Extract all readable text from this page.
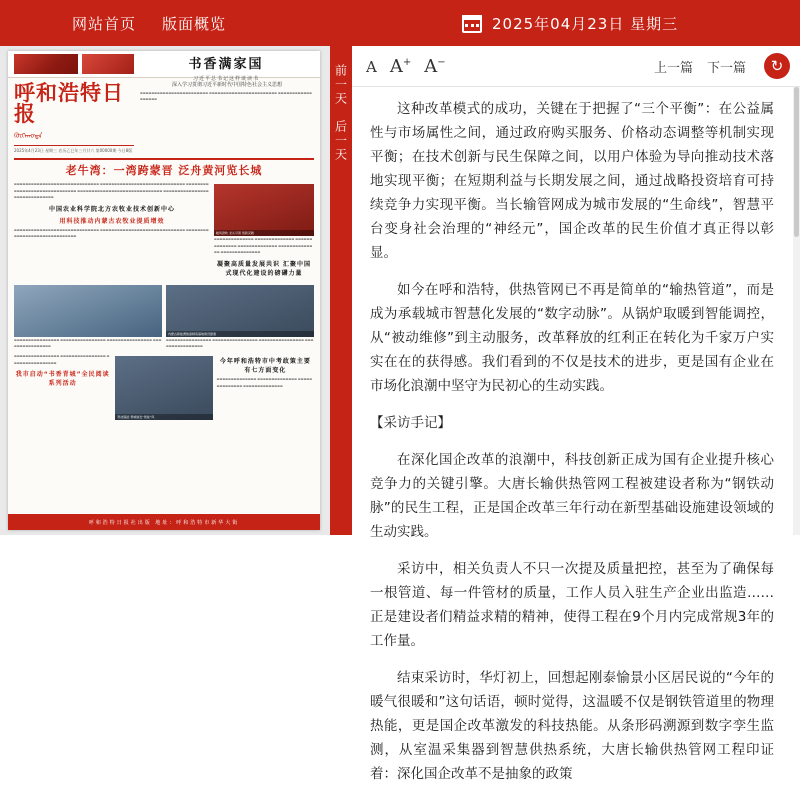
网站首页 版面概览	2025年04月23日 星期三
书香满家国
习近平总书记这样谈读书
呼和浩特日报
ᠬᠥᠬᠡᠬᠣᠲᠠ
2025年4月23日 星期三 农历乙巳年三月廿六 第00000期 今日8版
深入学习贯彻习近平新时代中国特色社会主义思想
▬▬▬▬▬▬▬▬▬▬▬▬▬▬▬▬▬▬▬▬▬▬▬▬ ▬▬▬▬▬▬▬▬▬▬▬▬▬▬▬▬▬▬▬▬▬▬▬▬ ▬▬▬▬▬▬▬▬▬▬▬▬▬▬▬▬▬▬
老牛湾：一湾跨蒙晋 泛舟黄河览长城
▬▬▬▬▬▬▬▬▬▬▬▬▬▬▬▬▬▬▬▬▬▬▬▬▬▬▬▬▬▬ ▬▬▬▬▬▬▬▬▬▬▬▬▬▬▬▬▬▬▬▬▬▬▬▬▬▬▬▬▬▬ ▬▬▬▬▬▬▬▬▬▬▬▬▬▬▬▬▬▬▬▬▬▬▬▬▬▬▬▬▬▬ ▬▬▬▬▬▬▬▬▬▬▬▬▬▬▬▬▬▬▬▬▬▬▬▬▬▬▬▬▬▬ ▬▬▬▬▬▬▬▬▬▬▬▬▬▬▬▬▬▬▬▬▬▬▬▬▬▬▬▬▬▬
中国农业科学院北方农牧业技术创新中心
用科技推动内蒙古农牧业提质增效
▬▬▬▬▬▬▬▬▬▬▬▬▬▬▬▬▬▬▬▬▬▬▬▬▬▬▬▬▬▬ ▬▬▬▬▬▬▬▬▬▬▬▬▬▬▬▬▬▬▬▬▬▬▬▬▬▬▬▬▬▬ ▬▬▬▬▬▬▬▬▬▬▬▬▬▬▬▬▬▬▬▬▬▬▬▬▬▬▬▬▬▬
暖风劲吹 龙头引领 创新突破
▬▬▬▬▬▬▬▬▬▬▬▬▬▬ ▬▬▬▬▬▬▬▬▬▬▬▬▬▬ ▬▬▬▬▬▬▬▬▬▬▬▬▬▬ ▬▬▬▬▬▬▬▬▬▬▬▬▬▬ ▬▬▬▬▬▬▬▬▬▬▬▬▬▬ ▬▬▬▬▬▬▬▬▬▬▬▬▬▬
凝聚高质量发展共识 汇聚中国式现代化建设的磅礴力量
▬▬▬▬▬▬▬▬▬▬▬▬▬▬▬▬ ▬▬▬▬▬▬▬▬▬▬▬▬▬▬▬▬ ▬▬▬▬▬▬▬▬▬▬▬▬▬▬▬▬ ▬▬▬▬▬▬▬▬▬▬▬▬▬▬▬▬
内蒙古新能源装备制造基地建设提速
▬▬▬▬▬▬▬▬▬▬▬▬▬▬▬▬ ▬▬▬▬▬▬▬▬▬▬▬▬▬▬▬▬ ▬▬▬▬▬▬▬▬▬▬▬▬▬▬▬▬ ▬▬▬▬▬▬▬▬▬▬▬▬▬▬▬▬
▬▬▬▬▬▬▬▬▬▬▬▬▬▬▬▬ ▬▬▬▬▬▬▬▬▬▬▬▬▬▬▬▬ ▬▬▬▬▬▬▬▬▬▬▬▬▬▬▬▬
我市启动“书香青城”全民阅读系列活动
科技赋能 青城焕发“智能”风
今年呼和浩特市中考政策主要有七方面变化
▬▬▬▬▬▬▬▬▬▬▬▬▬▬ ▬▬▬▬▬▬▬▬▬▬▬▬▬▬ ▬▬▬▬▬▬▬▬▬▬▬▬▬▬ ▬▬▬▬▬▬▬▬▬▬▬▬▬▬
呼和浩特日报社出版 地址：呼和浩特市新华大街
前一天
后一天
A A+ A−	上一篇 下一篇	↻

这种改革模式的成功，关键在于把握了“三个平衡”：在公益属性与市场属性之间，通过政府购买服务、价格动态调整等机制实现平衡；在技术创新与民生保障之间，以用户体验为导向推动技术落地实现平衡；在短期利益与长期发展之间，通过战略投资培育可持续竞争力实现平衡。当长输管网成为城市发展的“生命线”，智慧平台变身社会治理的“神经元”，国企改革的民生价值才真正得以彰显。

如今在呼和浩特，供热管网已不再是简单的“输热管道”，而是成为承载城市智慧化发展的“数字动脉”。从锅炉取暖到智能调控，从“被动维修”到主动服务，改革释放的红利正在转化为千家万户实实在在的获得感。我们看到的不仅是技术的进步，更是国有企业在市场化浪潮中坚守为民初心的生动实践。

【采访手记】

在深化国企改革的浪潮中，科技创新正成为国有企业提升核心竞争力的关键引擎。大唐长输供热管网工程被建设者称为“钢铁动脉”的民生工程，正是国企改革三年行动在新型基础设施建设领域的生动实践。

采访中，相关负责人不只一次提及质量把控，甚至为了确保每一根管道、每一件管材的质量，工作人员入驻生产企业出监造……正是建设者们精益求精的精神，使得工程在9个月内完成常规3年的工作量。

结束采访时，华灯初上，回想起刚泰愉景小区居民说的“今年的暖气很暖和”这句话语，顿时觉得，这温暖不仅是钢铁管道里的物理热能，更是国企改革激发的科技热能。从条形码溯源到数字孪生监测，从室温采集器到智慧供热系统，大唐长输供热管网工程印证着：深化国企改革不是抽象的政策
